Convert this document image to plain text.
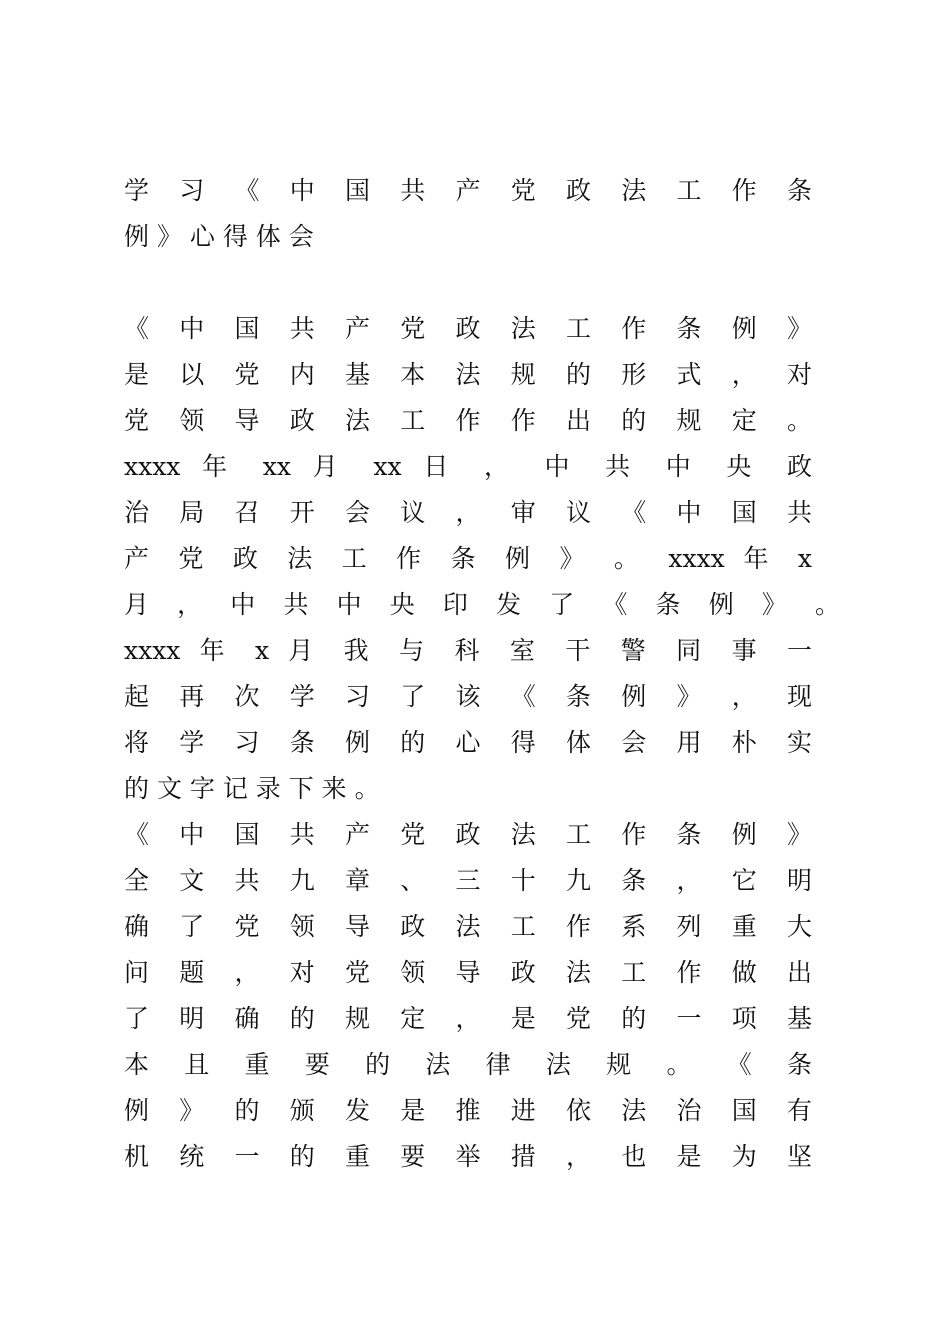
学 习 《 中 国 共 产 党 政 法 工 作 条
例 》 心 得 体 会
《 中 国 共 产 党 政 法 工 作 条 例 》
是 以 党 内 基 本 法 规 的 形 式 ， 对
党 领 导 政 法 工 作 作 出 的 规 定 。
xxxx 年 xx 月 xx 日 ， 中 共 中 央 政
治 局 召 开 会 议 ， 审 议 《 中 国 共
产 党 政 法 工 作 条 例 》 。 xxxx 年 x
月 ， 中 共 中 央 印 发 了 《 条 例 》 。
xxxx 年 x 月 我 与 科 室 干 警 同 事 一
起 再 次 学 习 了 该 《 条 例 》 ， 现
将 学 习 条 例 的 心 得 体 会 用 朴 实
的 文 字 记 录 下 来 。
《 中 国 共 产 党 政 法 工 作 条 例 》
全 文 共 九 章 、 三 十 九 条 ， 它 明
确 了 党 领 导 政 法 工 作 系 列 重 大
问 题 ， 对 党 领 导 政 法 工 作 做 出
了 明 确 的 规 定 ， 是 党 的 一 项 基
本 且 重 要 的 法 律 法 规 。 《 条
例 》 的 颁 发 是 推 进 依 法 治 国 有
机 统 一 的 重 要 举 措 ， 也 是 为 坚
